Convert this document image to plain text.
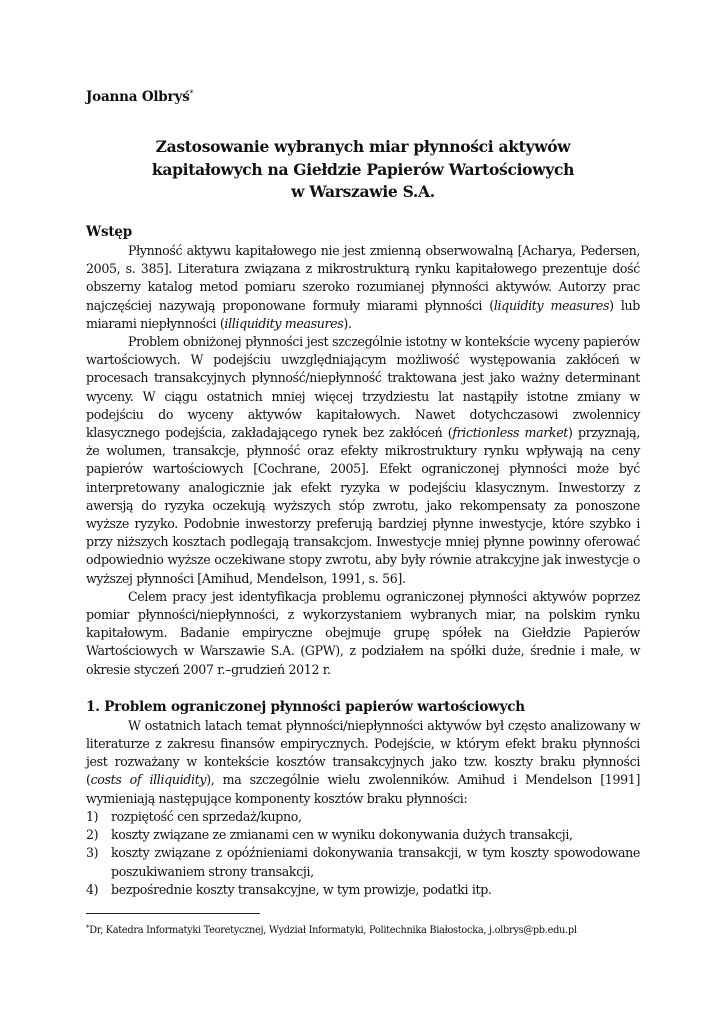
Joanna Olbryś*
Zastosowanie wybranych miar płynności aktywów
kapitałowych na Giełdzie Papierów Wartościowych
w Warszawie S.A.
Wstęp

Płynność aktywu kapitałowego nie jest zmienną obserwowalną [Acharya, Pedersen, 2005, s. 385]. Literatura związana z mikrostrukturą rynku kapitałowego prezentuje dość obszerny katalog metod pomiaru szeroko rozumianej płynności aktywów. Autorzy prac najczęściej nazywają proponowane formuły miarami płynności (liquidity measures) lub miarami niepłynności (illiquidity measures).

Problem obniżonej płynności jest szczególnie istotny w kontekście wyceny papierów wartościowych. W podejściu uwzględniającym możliwość występowania zakłóceń w procesach transakcyjnych płynność/niepłynność traktowana jest jako ważny determinant wyceny. W ciągu ostatnich mniej więcej trzydziestu lat nastąpiły istotne zmiany w podejściu do wyceny aktywów kapitałowych. Nawet dotychczasowi zwolennicy klasycznego podejścia, zakładającego rynek bez zakłóceń (frictionless market) przyznają, że wolumen, transakcje, płynność oraz efekty mikrostruktury rynku wpływają na ceny papierów wartościowych [Cochrane, 2005]. Efekt ograniczonej płynności może być interpretowany analogicznie jak efekt ryzyka w podejściu klasycznym. Inwestorzy z awersją do ryzyka oczekują wyższych stóp zwrotu, jako rekompensaty za ponoszone wyższe ryzyko. Podobnie inwestorzy preferują bardziej płynne inwestycje, które szybko i przy niższych kosztach podlegają transakcjom. Inwestycje mniej płynne powinny oferować odpowiednio wyższe oczekiwane stopy zwrotu, aby były równie atrakcyjne jak inwestycje o wyższej płynności [Amihud, Mendelson, 1991, s. 56].

Celem pracy jest identyfikacja problemu ograniczonej płynności aktywów poprzez pomiar płynności/niepłynności, z wykorzystaniem wybranych miar, na polskim rynku kapitałowym. Badanie empiryczne obejmuje grupę spółek na Giełdzie Papierów Wartościowych w Warszawie S.A. (GPW), z podziałem na spółki duże, średnie i małe, w okresie styczeń 2007 r.–grudzień 2012 r.

1. Problem ograniczonej płynności papierów wartościowych

W ostatnich latach temat płynności/niepłynności aktywów był często analizowany w literaturze z zakresu finansów empirycznych. Podejście, w którym efekt braku płynności jest rozważany w kontekście kosztów transakcyjnych jako tzw. koszty braku płynności (costs of illiquidity), ma szczególnie wielu zwolenników. Amihud i Mendelson [1991] wymieniają następujące komponenty kosztów braku płynności:

1) rozpiętość cen sprzedaż/kupno,
2) koszty związane ze zmianami cen w wyniku dokonywania dużych transakcji,
3) koszty związane z opóźnieniami dokonywania transakcji, w tym koszty spowodowane poszukiwaniem strony transakcji,
4) bezpośrednie koszty transakcyjne, w tym prowizje, podatki itp.
*Dr, Katedra Informatyki Teoretycznej, Wydział Informatyki, Politechnika Białostocka, j.olbrys@pb.edu.pl
